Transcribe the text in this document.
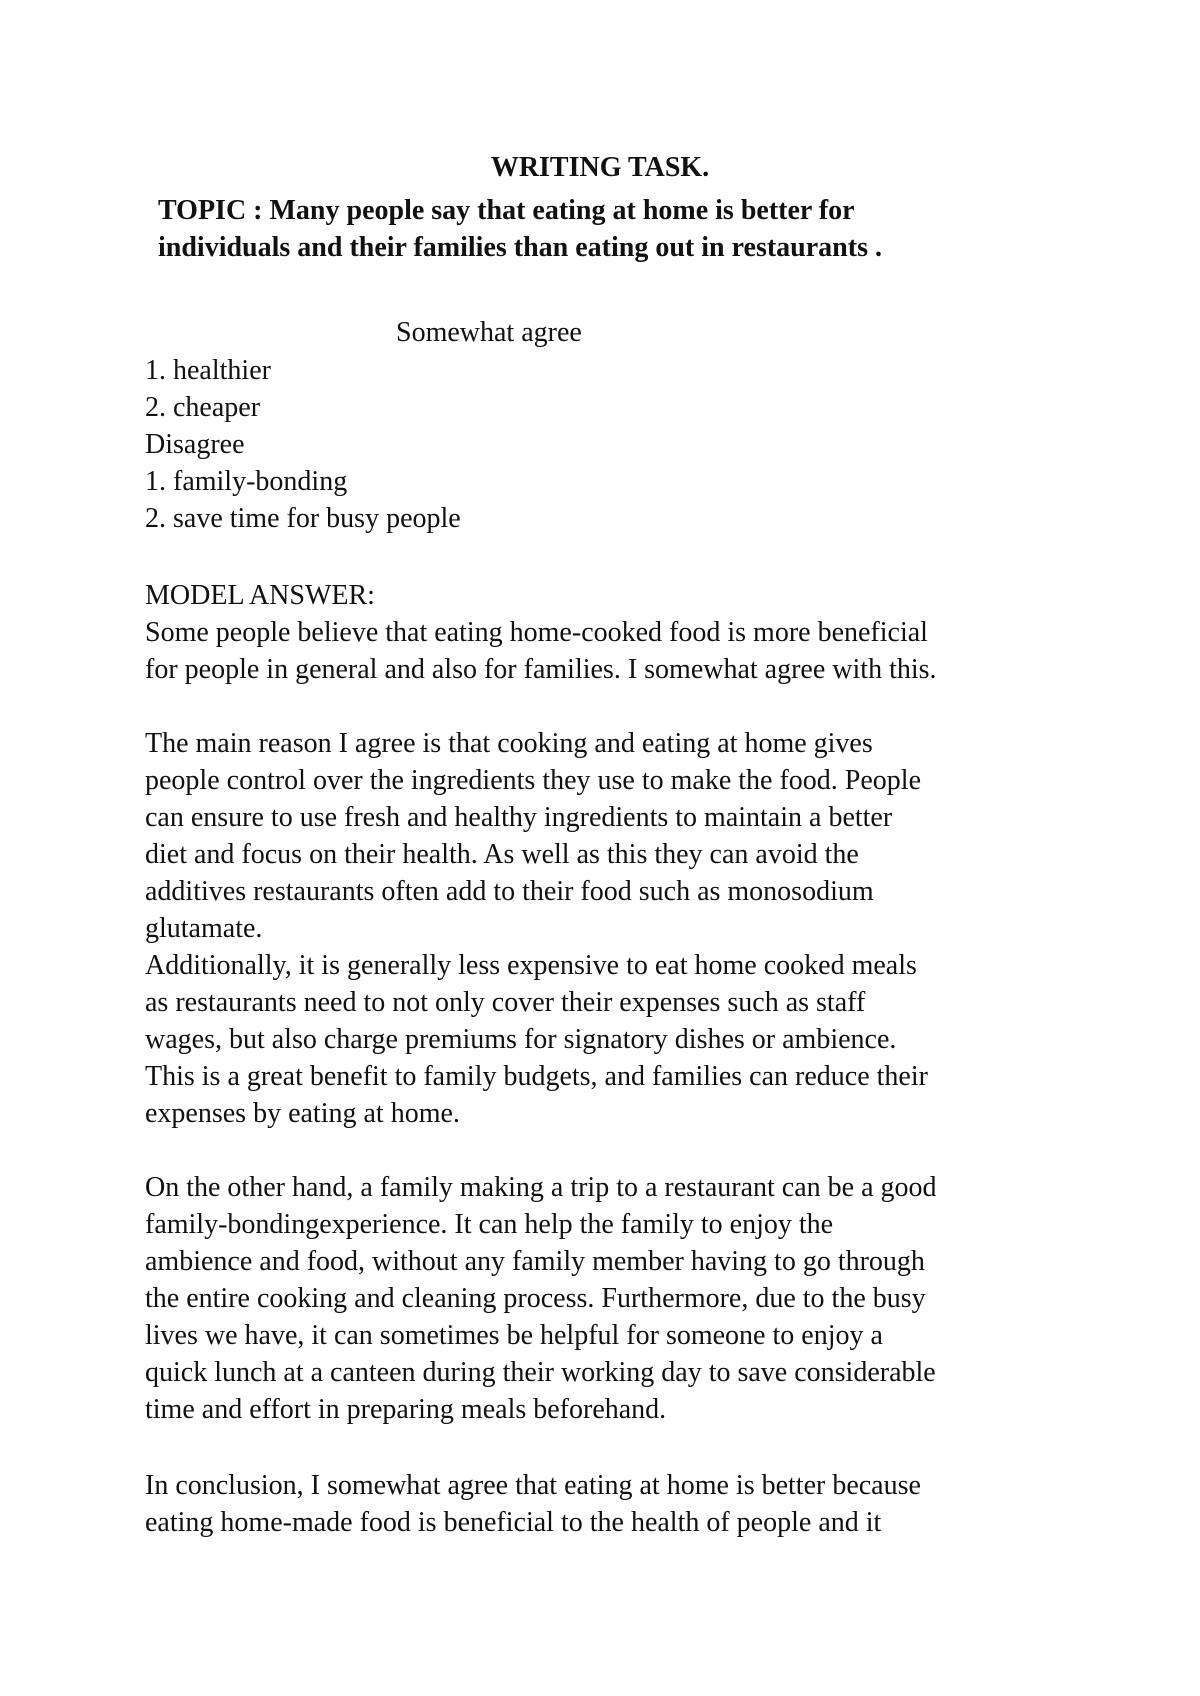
WRITING TASK.

TOPIC : Many people say that eating at home is better for

individuals and their families than eating out in restaurants .

Somewhat agree

1. healthier

2. cheaper

Disagree

1. family-bonding

2. save time for busy people

MODEL ANSWER:

Some people believe that eating home-cooked food is more beneficial

for people in general and also for families. I somewhat agree with this.

The main reason I agree is that cooking and eating at home gives

people control over the ingredients they use to make the food. People

can ensure to use fresh and healthy ingredients to maintain a better

diet and focus on their health. As well as this they can avoid the

additives restaurants often add to their food such as monosodium

glutamate.

Additionally, it is generally less expensive to eat home cooked meals

as restaurants need to not only cover their expenses such as staff

wages, but also charge premiums for signatory dishes or ambience.

This is a great benefit to family budgets, and families can reduce their

expenses by eating at home.

On the other hand, a family making a trip to a restaurant can be a good

family-bondingexperience. It can help the family to enjoy the

ambience and food, without any family member having to go through

the entire cooking and cleaning process. Furthermore, due to the busy

lives we have, it can sometimes be helpful for someone to enjoy a

quick lunch at a canteen during their working day to save considerable

time and effort in preparing meals beforehand.

In conclusion, I somewhat agree that eating at home is better because

eating home-made food is beneficial to the health of people and it
